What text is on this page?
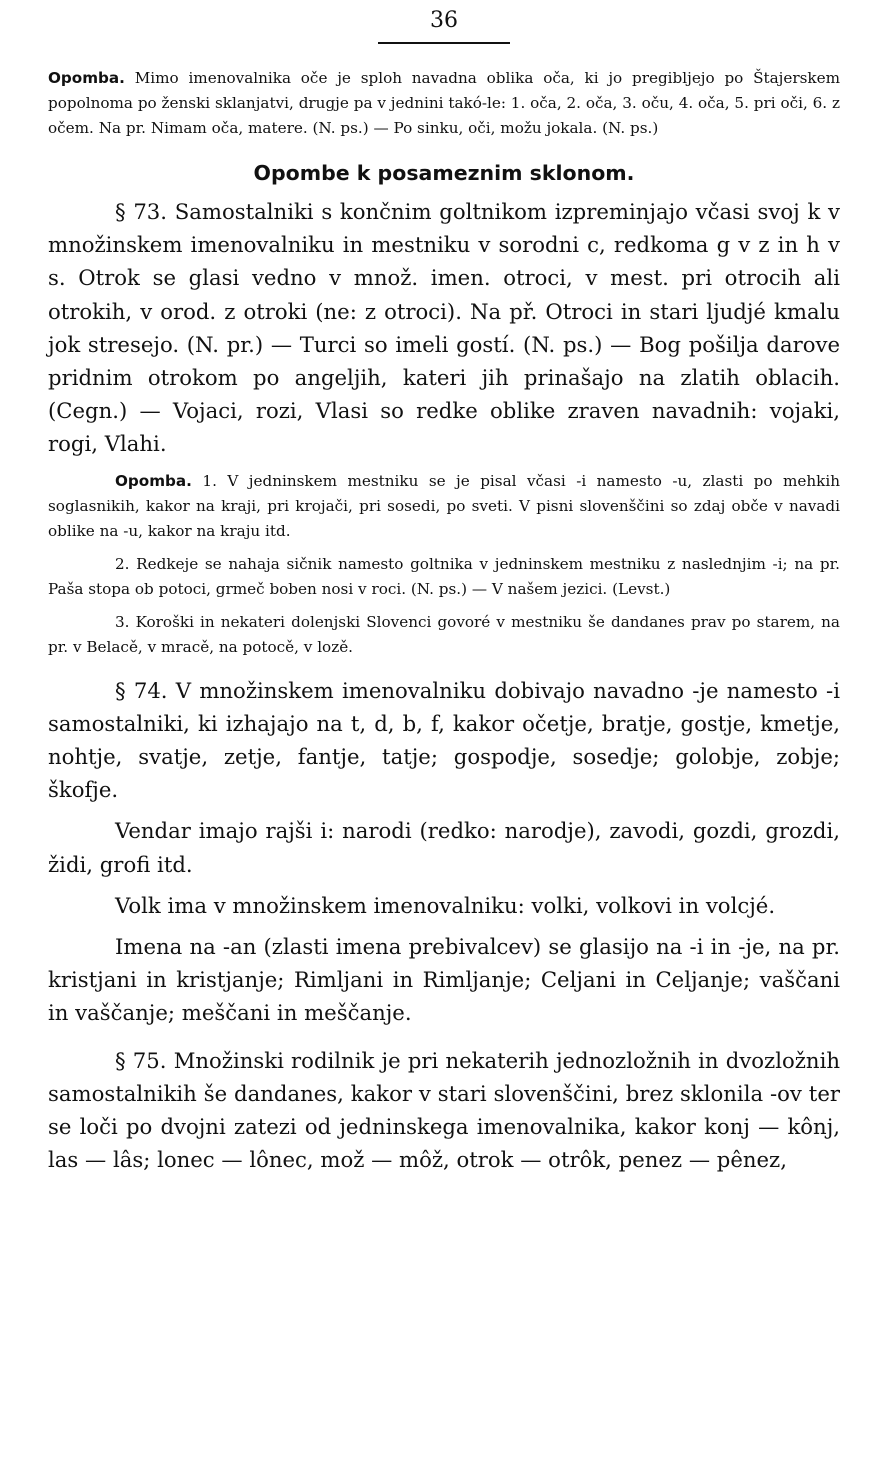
36

Opomba. Mimo imenovalnika oče je sploh navadna oblika oča, ki jo pregibljejo po Štajerskem popolnoma po ženski sklanjatvi, drugje pa v jednini takó-le: 1. oča, 2. oča, 3. oču, 4. oča, 5. pri oči, 6. z očem. Na pr. Nimam oča, matere. (N. ps.) — Po sinku, oči, možu jokala. (N. ps.)

Opombe k posameznim sklonom.

§ 73. Samostalniki s končnim goltnikom izpreminjajo včasi svoj k v množinskem imenovalniku in mestniku v sorodni c, redkoma g v z in h v s. Otrok se glasi vedno v množ. imen. otroci, v mest. pri otrocih ali otrokih, v orod. z otroki (ne: z otroci). Na př. Otroci in stari ljudjé kmalu jok stresejo. (N. pr.) — Turci so imeli gostí. (N. ps.) — Bog pošilja darove pridnim otrokom po angeljih, kateri jih prinašajo na zlatih oblacih. (Cegn.) — Vojaci, rozi, Vlasi so redke oblike zraven navadnih: vojaki, rogi, Vlahi.

Opomba. 1. V jedninskem mestniku se je pisal včasi -i namesto -u, zlasti po mehkih soglasnikih, kakor na kraji, pri krojači, pri sosedi, po sveti. V pisni slovenščini so zdaj obče v navadi oblike na -u, kakor na kraju itd.

2. Redkeje se nahaja sičnik namesto goltnika v jedninskem mestniku z naslednjim -i; na pr. Paša stopa ob potoci, grmeč boben nosi v roci. (N. ps.) — V našem jezici. (Levst.)

3. Koroški in nekateri dolenjski Slovenci govoré v mestniku še dandanes prav po starem, na pr. v Belacě, v mracě, na potocě, v lozě.

§ 74. V množinskem imenovalniku dobivajo navadno -je namesto -i samostalniki, ki izhajajo na t, d, b, f, kakor očetje, bratje, gostje, kmetje, nohtje, svatje, zetje, fantje, tatje; gospodje, sosedje; golobje, zobje; škofje.

Vendar imajo rajši i: narodi (redko: narodje), zavodi, gozdi, grozdi, židi, grofi itd.

Volk ima v množinskem imenovalniku: volki, volkovi in volcjé.

Imena na -an (zlasti imena prebivalcev) se glasijo na -i in -je, na pr. kristjani in kristjanje; Rimljani in Rimljanje; Celjani in Celjanje; vaščani in vaščanje; meščani in meščanje.

§ 75. Množinski rodilnik je pri nekaterih jednozložnih in dvozložnih samostalnikih še dandanes, kakor v stari slovenščini, brez sklonila -ov ter se loči po dvojni zatezi od jedninskega imenovalnika, kakor konj — kônj, las — lâs; lonec — lônec, mož — môž, otrok — otrôk, penez — pênez,
